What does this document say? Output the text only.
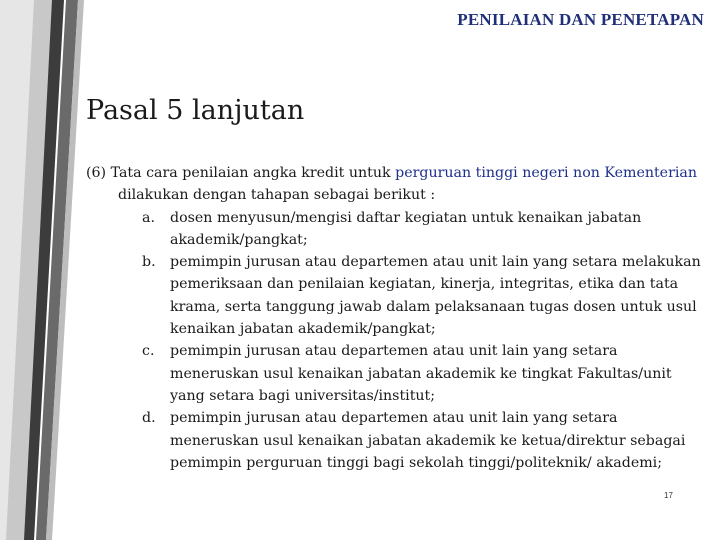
PENILAIAN DAN PENETAPAN
Pasal 5 lanjutan

(6) Tata cara penilaian angka kredit untuk perguruan tinggi negeri non Kementerian

dilakukan dengan tahapan sebagai berikut :

a. dosen menyusun/mengisi daftar kegiatan untuk kenaikan jabatan akademik/pangkat;
b. pemimpin jurusan atau departemen atau unit lain yang setara melakukan pemeriksaan dan penilaian kegiatan, kinerja, integritas, etika dan tata krama, serta tanggung jawab dalam pelaksanaan tugas dosen untuk usul kenaikan jabatan akademik/pangkat;
c. pemimpin jurusan atau departemen atau unit lain yang setara meneruskan usul kenaikan jabatan akademik ke tingkat Fakultas/unit yang setara bagi universitas/institut;
d. pemimpin jurusan atau departemen atau unit lain yang setara meneruskan usul kenaikan jabatan akademik ke ketua/direktur sebagai pemimpin perguruan tinggi bagi sekolah tinggi/politeknik/ akademi;
17
